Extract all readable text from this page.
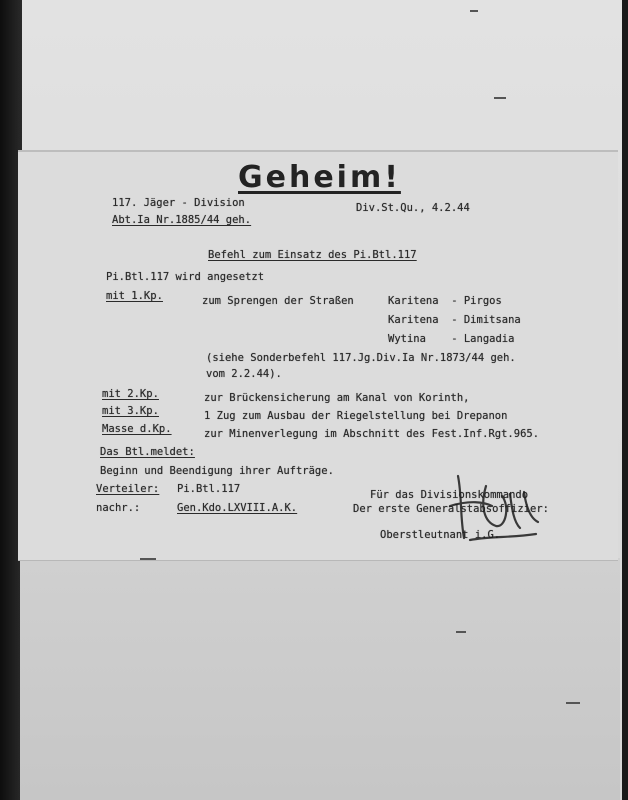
Geheim!
117. Jäger - Division
Abt.Ia Nr.1885/44 geh.
Div.St.Qu., 4.2.44
Befehl zum Einsatz des Pi.Btl.117
Pi.Btl.117 wird angesetzt
mit 1.Kp.	zum Sprengen der Straßen	Karitena  - Pirgos
Karitena  - Dimitsana
Wytina    - Langadia
(siehe Sonderbefehl 117.Jg.Div.Ia Nr.1873/44 geh.
vom 2.2.44).
mit 2.Kp.	zur Brückensicherung am Kanal von Korinth,
mit 3.Kp.	1 Zug zum Ausbau der Riegelstellung bei Drepanon
Masse d.Kp.	zur Minenverlegung im Abschnitt des Fest.Inf.Rgt.965.
Das Btl.meldet:
Beginn und Beendigung ihrer Aufträge.
Verteiler: Pi.Btl.117
nachr.:	Gen.Kdo.LXVIII.A.K.
Für das Divisionskommando
Der erste Generalstabsoffizier:
Oberstleutnant i.G.
